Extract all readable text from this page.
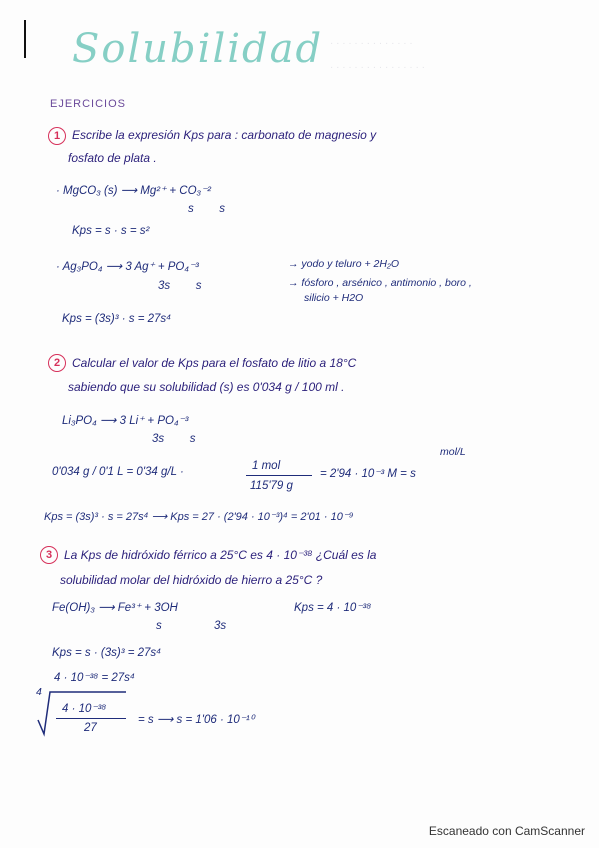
· · · · · · · · · · · · · ·
· · · · · · · · · · · · · · · ·
Solubilidad
EJERCICIOS
1 Escribe la expresión Kps para : carbonato de magnesio y
fosfato de plata .
· MgCO₃ (s) ⟶ Mg²⁺ + CO₃⁻²
s        s
Kps = s · s = s²
· Ag₃PO₄ ⟶ 3 Ag⁺ + PO₄⁻³
3s        s
→ yodo y teluro + 2H₂O
→ fósforo , arsénico , antimonio , boro ,
silicio + H2O
Kps = (3s)³ · s = 27s⁴
2 Calcular el valor de Kps para el fosfato de litio a 18°C
sabiendo que su solubilidad (s) es 0'034 g / 100 ml .
Li₃PO₄ ⟶ 3 Li⁺ + PO₄⁻³
3s        s
0'034 g / 0'1 L = 0'34 g/L ·	1 mol
115'79 g
= 2'94 · 10⁻³ M = s
mol/L
Kps = (3s)³ · s = 27s⁴ ⟶ Kps = 27 · (2'94 · 10⁻³)⁴ = 2'01 · 10⁻⁹
3 La Kps de hidróxido férrico a 25°C es 4 · 10⁻³⁸ ¿Cuál es la
solubilidad molar del hidróxido de hierro a 25°C ?
Fe(OH)₃ ⟶ Fe³⁺ + 3OH
s	3s
Kps = 4 · 10⁻³⁸
Kps = s · (3s)³ = 27s⁴
4 · 10⁻³⁸ = 27s⁴
4
4 · 10⁻³⁸
27
= s ⟶ s = 1'06 · 10⁻¹⁰
Escaneado con CamScanner
